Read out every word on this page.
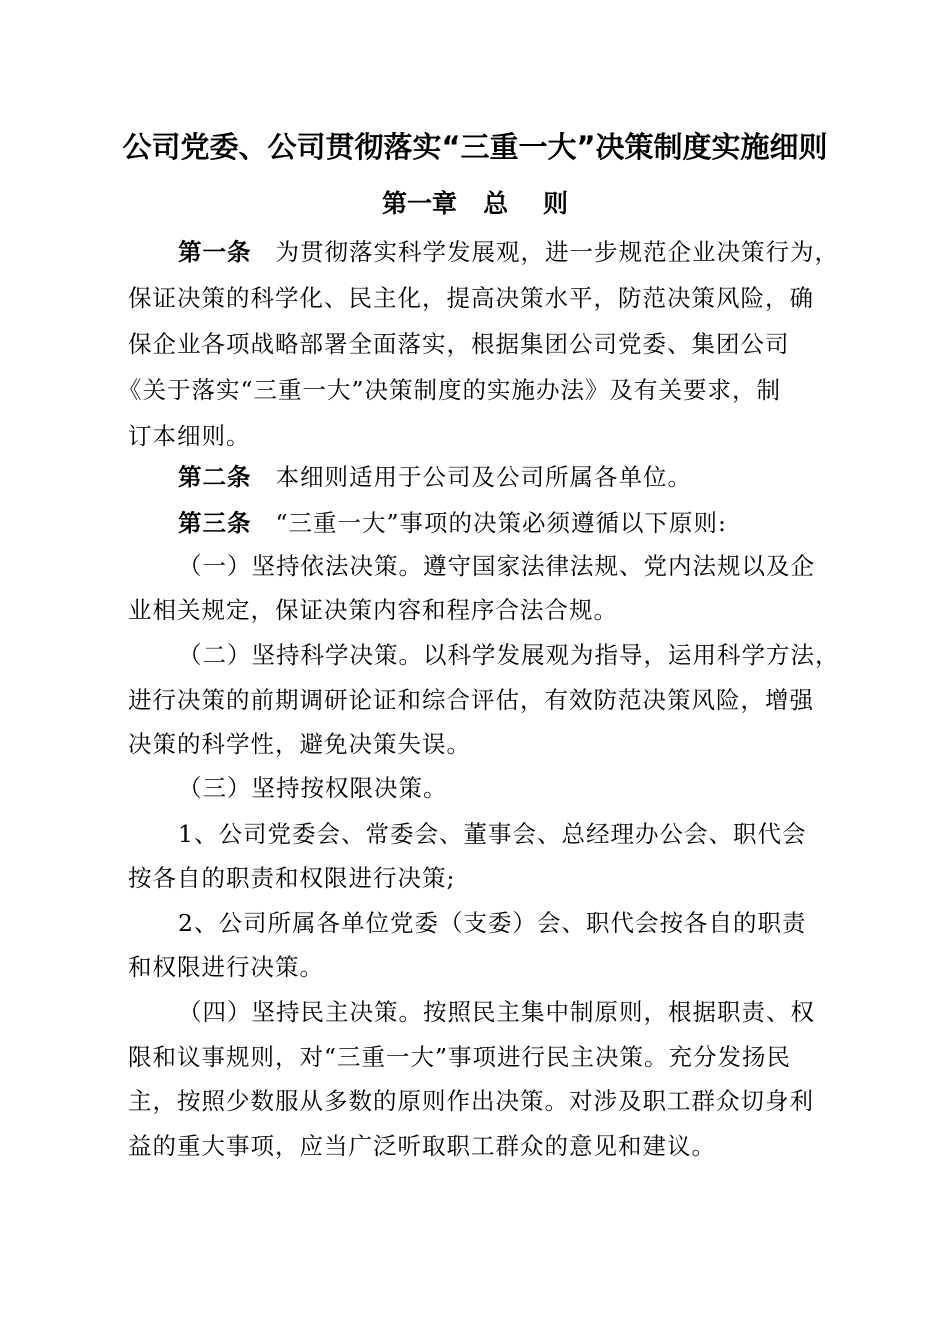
公司党委、公司贯彻落实“三重一大”决策制度实施细则
第一章   总    则
第一条 为贯彻落实科学发展观，进一步规范企业决策行为，
保证决策的科学化、民主化，提高决策水平，防范决策风险，确
保企业各项战略部署全面落实，根据集团公司党委、集团公司
《关于落实“三重一大”决策制度的实施办法》及有关要求，制
订本细则。
第二条 本细则适用于公司及公司所属各单位。
第三条 “三重一大”事项的决策必须遵循以下原则:
（一）坚持依法决策。遵守国家法律法规、党内法规以及企
业相关规定，保证决策内容和程序合法合规。
（二）坚持科学决策。以科学发展观为指导，运用科学方法，
进行决策的前期调研论证和综合评估，有效防范决策风险，增强
决策的科学性，避免决策失误。
（三）坚持按权限决策。
1、公司党委会、常委会、董事会、总经理办公会、职代会
按各自的职责和权限进行决策;
2、公司所属各单位党委（支委）会、职代会按各自的职责
和权限进行决策。
（四）坚持民主决策。按照民主集中制原则，根据职责、权
限和议事规则，对“三重一大”事项进行民主决策。充分发扬民
主，按照少数服从多数的原则作出决策。对涉及职工群众切身利
益的重大事项，应当广泛听取职工群众的意见和建议。
